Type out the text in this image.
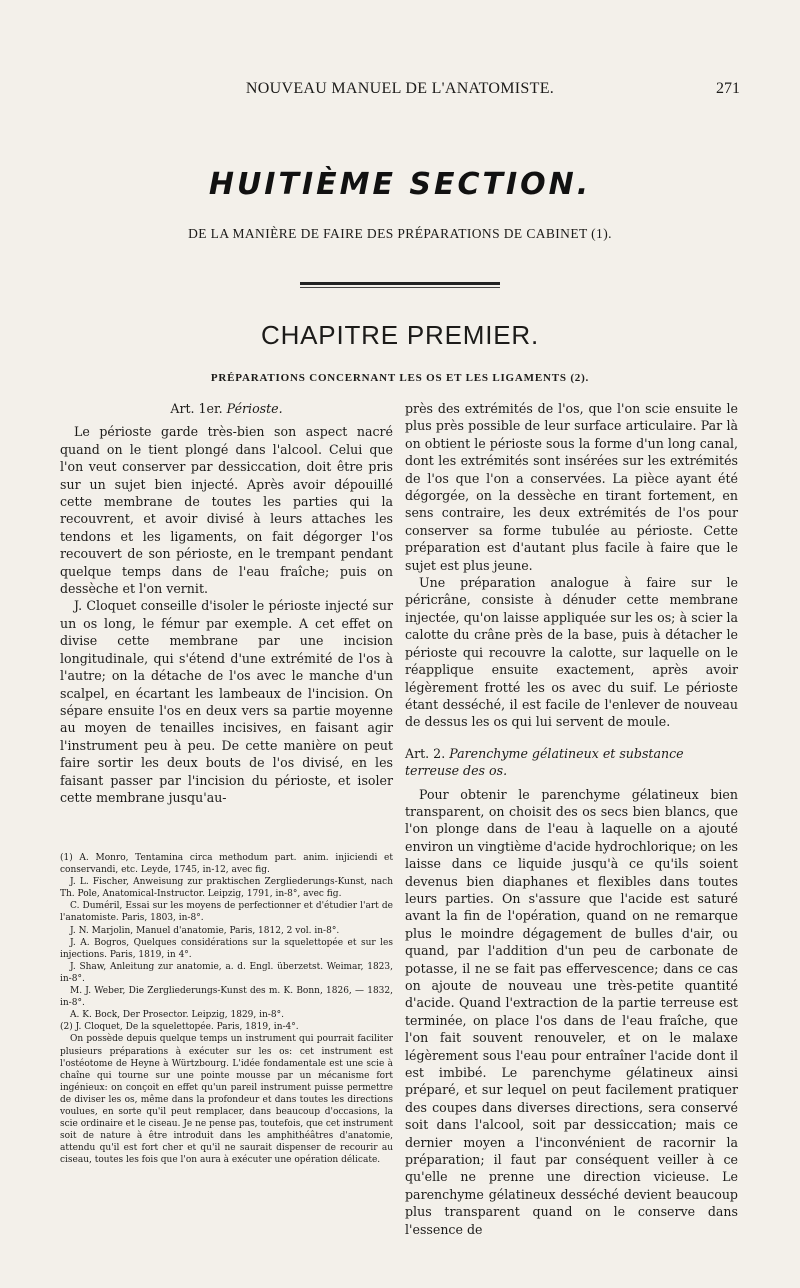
NOUVEAU MANUEL DE L'ANATOMISTE.	271
HUITIÈME SECTION.
DE LA MANIÈRE DE FAIRE DES PRÉPARATIONS DE CABINET (1).
CHAPITRE PREMIER.
PRÉPARATIONS CONCERNANT LES OS ET LES LIGAMENTS (2).

Art. 1er. Périoste.

Le périoste garde très-bien son aspect nacré quand on le tient plongé dans l'alcool. Celui que l'on veut conserver par dessiccation, doit être pris sur un sujet bien injecté. Après avoir dépouillé cette membrane de toutes les parties qui la recouvrent, et avoir divisé à leurs attaches les tendons et les ligaments, on fait dégorger l'os recouvert de son périoste, en le trempant pendant quelque temps dans de l'eau fraîche; puis on dessèche et l'on vernit.

J. Cloquet conseille d'isoler le périoste injecté sur un os long, le fémur par exemple. A cet effet on divise cette membrane par une incision longitudinale, qui s'étend d'une extrémité de l'os à l'autre; on la détache de l'os avec le manche d'un scalpel, en écartant les lambeaux de l'incision. On sépare ensuite l'os en deux vers sa partie moyenne au moyen de tenailles incisives, en faisant agir l'instrument peu à peu. De cette manière on peut faire sortir les deux bouts de l'os divisé, en les faisant passer par l'incision du périoste, et isoler cette membrane jusqu'au-

(1) A. Monro, Tentamina circa methodum part. anim. injiciendi et conservandi, etc. Leyde, 1745, in-12, avec fig.

J. L. Fischer, Anweisung zur praktischen Zergliederungs-Kunst, nach Th. Pole, Anatomical-Instructor. Leipzig, 1791, in-8°, avec fig.

C. Duméril, Essai sur les moyens de perfectionner et d'étudier l'art de l'anatomiste. Paris, 1803, in-8°.

J. N. Marjolin, Manuel d'anatomie, Paris, 1812, 2 vol. in-8°.

J. A. Bogros, Quelques considérations sur la squelettopée et sur les injections. Paris, 1819, in 4°.

J. Shaw, Anleitung zur anatomie, a. d. Engl. überzetst. Weimar, 1823, in-8°.

M. J. Weber, Die Zergliederungs-Kunst des m. K. Bonn, 1826, — 1832, in-8°.

A. K. Bock, Der Prosector. Leipzig, 1829, in-8°.

(2) J. Cloquet, De la squelettopée. Paris, 1819, in-4°.

On possède depuis quelque temps un instrument qui pourrait faciliter plusieurs préparations à exécuter sur les os: cet instrument est l'ostéotome de Heyne à Würtzbourg. L'idée fondamentale est une scie à chaîne qui tourne sur une pointe mousse par un mécanisme fort ingénieux: on conçoit en effet qu'un pareil instrument puisse permettre de diviser les os, même dans la profondeur et dans toutes les directions voulues, en sorte qu'il peut remplacer, dans beaucoup d'occasions, la scie ordinaire et le ciseau. Je ne pense pas, toutefois, que cet instrument soit de nature à être introduit dans les amphithéâtres d'anatomie, attendu qu'il est fort cher et qu'il ne saurait dispenser de recourir au ciseau, toutes les fois que l'on aura à exécuter une opération délicate.

près des extrémités de l'os, que l'on scie ensuite le plus près possible de leur surface articulaire. Par là on obtient le périoste sous la forme d'un long canal, dont les extrémités sont insérées sur les extrémités de l'os que l'on a conservées. La pièce ayant été dégorgée, on la dessèche en tirant fortement, en sens contraire, les deux extrémités de l'os pour conserver sa forme tubulée au périoste. Cette préparation est d'autant plus facile à faire que le sujet est plus jeune.

Une préparation analogue à faire sur le péricrâne, consiste à dénuder cette membrane injectée, qu'on laisse appliquée sur les os; à scier la calotte du crâne près de la base, puis à détacher le périoste qui recouvre la calotte, sur laquelle on le réapplique ensuite exactement, après avoir légèrement frotté les os avec du suif. Le périoste étant desséché, il est facile de l'enlever de nouveau de dessus les os qui lui servent de moule.

Art. 2. Parenchyme gélatineux et substance terreuse des os.

Pour obtenir le parenchyme gélatineux bien transparent, on choisit des os secs bien blancs, que l'on plonge dans de l'eau à laquelle on a ajouté environ un vingtième d'acide hydrochlorique; on les laisse dans ce liquide jusqu'à ce qu'ils soient devenus bien diaphanes et flexibles dans toutes leurs parties. On s'assure que l'acide est saturé avant la fin de l'opération, quand on ne remarque plus le moindre dégagement de bulles d'air, ou quand, par l'addition d'un peu de carbonate de potasse, il ne se fait pas effervescence; dans ce cas on ajoute de nouveau une très-petite quantité d'acide. Quand l'extraction de la partie terreuse est terminée, on place l'os dans de l'eau fraîche, que l'on fait souvent renouveler, et on le malaxe légèrement sous l'eau pour entraîner l'acide dont il est imbibé. Le parenchyme gélatineux ainsi préparé, et sur lequel on peut facilement pratiquer des coupes dans diverses directions, sera conservé soit dans l'alcool, soit par dessiccation; mais ce dernier moyen a l'inconvénient de racornir la préparation; il faut par conséquent veiller à ce qu'elle ne prenne une direction vicieuse. Le parenchyme gélatineux desséché devient beaucoup plus transparent quand on le conserve dans l'essence de
